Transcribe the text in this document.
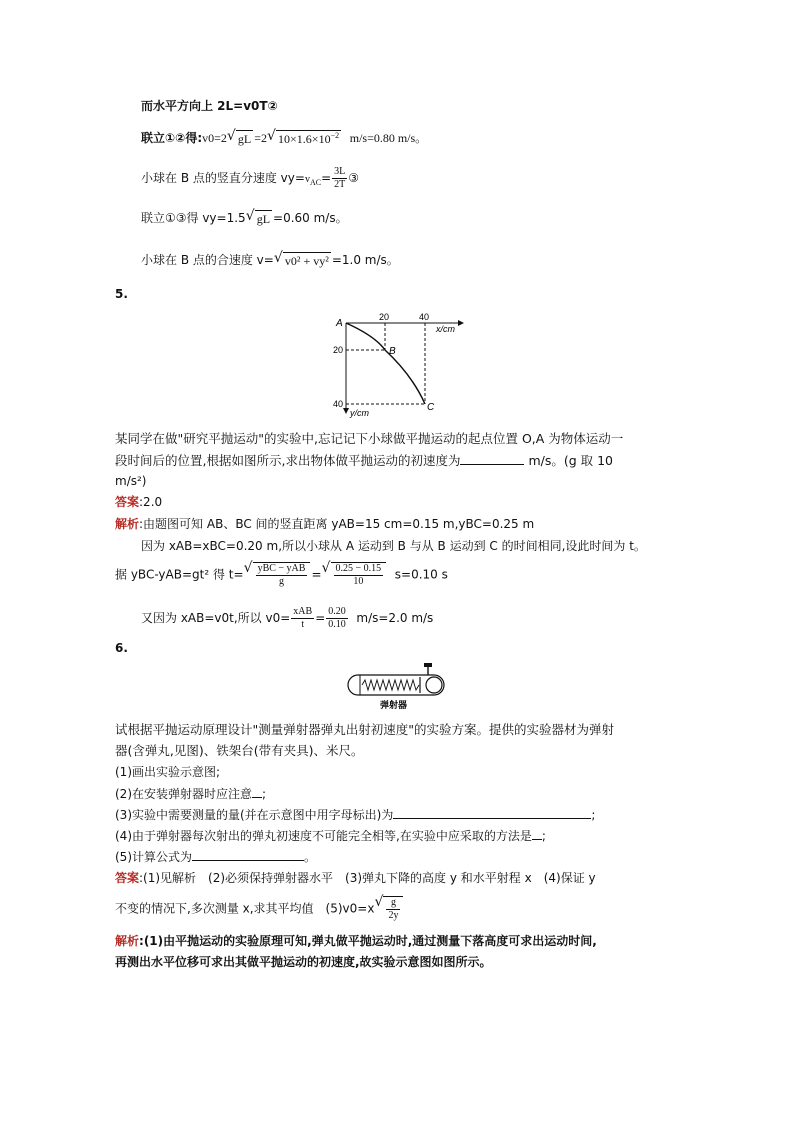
而水平方向上 2L=v0T②
联立①②得:v0=2 √ gL =2 √ $10\times 1.6\times 10^{-2}$ m/s=0.80 m/s。
小球在 B 点的竖直分速度 $vy=v_{AC}= \frac{3L}{2T}$ ③
联立①③得 vy=1.5 √ gL =0.60 m/s。
小球在 B 点的合速度 v= √ v0² + vy² =1.0 m/s。
5.
20	40
20
40
x/cm
y/cm
A
B
C
某同学在做"研究平抛运动"的实验中,忘记记下小球做平抛运动的起点位置 O,A 为物体运动一
段时间后的位置,根据如图所示,求出物体做平抛运动的初速度为	m/s。(g 取 10
m/s²)
答案:2.0
解析:由题图可知 AB、BC 间的竖直距离 yAB=15 cm=0.15 m,yBC=0.25 m
因为 xAB=xBC=0.20 m,所以小球从 A 运动到 B 与从 B 运动到 C 的时间相同,设此时间为 t。
据 yBC-yAB=gt² 得 t= √ $\frac{\text{yBC − yAB}}{g}$ = √ $\frac{0.25 - 0.15}{10} s=0.10$ s
又因为 xAB=v0t,所以 $v0= \frac{\text{xAB}}{t} = \frac{0.20}{0.10} m/s=2.0$ m/s
6.
弹射器
试根据平抛运动原理设计"测量弹射器弹丸出射初速度"的实验方案。提供的实验器材为弹射
器(含弹丸,见图)、铁架台(带有夹具)、米尺。
(1)画出实验示意图;
(2)在安装弹射器时应注意 ;
(3)实验中需要测量的量(并在示意图中用字母标出)为	;
(4)由于弹射器每次射出的弹丸初速度不可能完全相等,在实验中应采取的方法是 ;
(5)计算公式为	。
答案:(1)见解析　(2)必须保持弹射器水平　(3)弹丸下降的高度 y 和水平射程 x　(4)保证 y
不变的情况下,多次测量 x,求其平均值　(5)v0=x √ $\frac{g}{2y}$
解析:(1)由平抛运动的实验原理可知,弹丸做平抛运动时,通过测量下落高度可求出运动时间,
再测出水平位移可求出其做平抛运动的初速度,故实验示意图如图所示。
